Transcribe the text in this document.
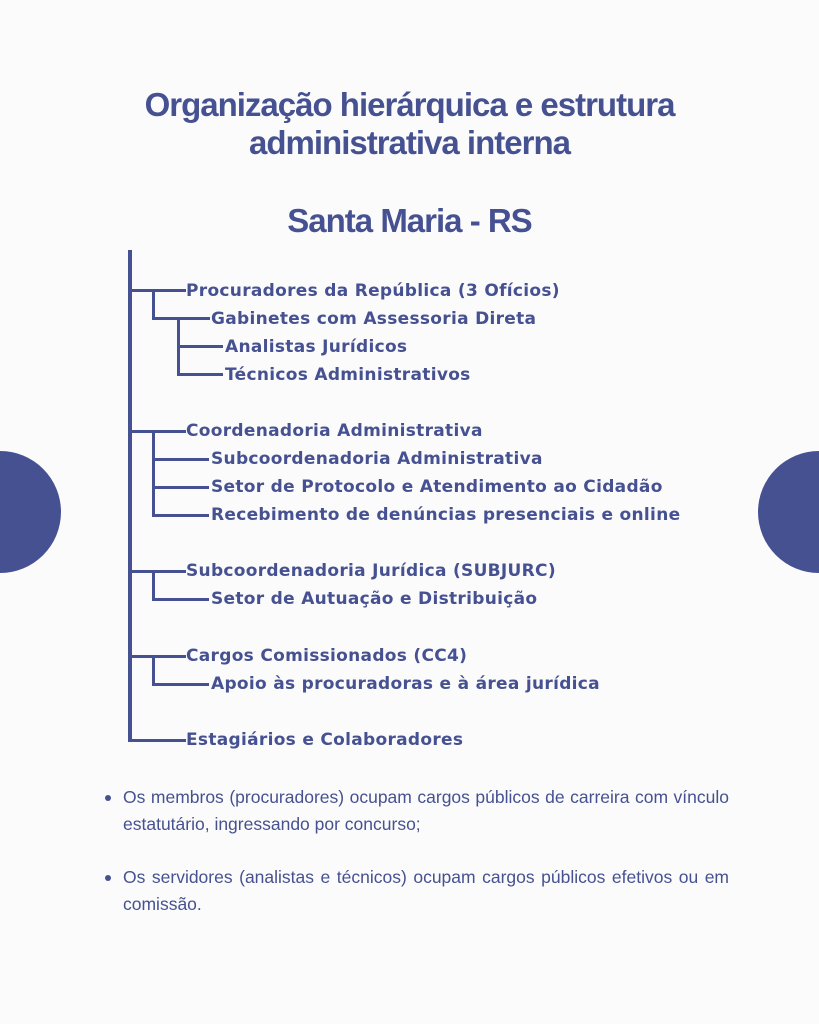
Organização hierárquica e estrutura
administrativa interna
Santa Maria - RS
Procuradores da República (3 Ofícios)
Gabinetes com Assessoria Direta
Analistas Jurídicos
Técnicos Administrativos
Coordenadoria Administrativa
Subcoordenadoria Administrativa
Setor de Protocolo e Atendimento ao Cidadão
Recebimento de denúncias presenciais e online
Subcoordenadoria Jurídica (SUBJURC)
Setor de Autuação e Distribuição
Cargos Comissionados (CC4)
Apoio às procuradoras e à área jurídica
Estagiários e Colaboradores
Os membros (procuradores) ocupam cargos públicos de carreira com vínculo estatutário, ingressando por concurso;
Os servidores (analistas e técnicos) ocupam cargos públicos efetivos ou em comissão.
